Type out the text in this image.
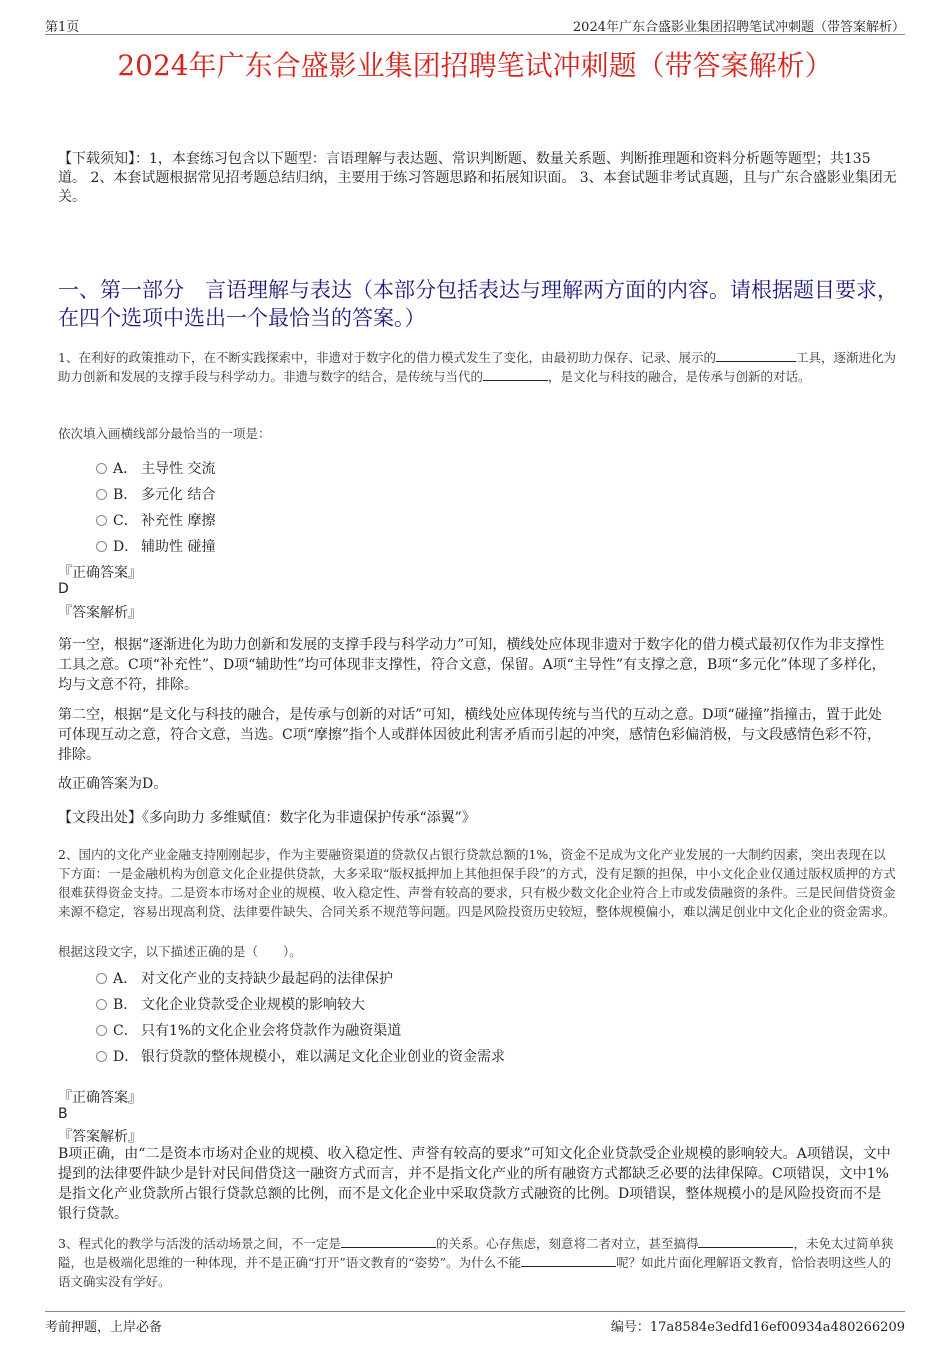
第1页	2024年广东合盛影业集团招聘笔试冲刺题（带答案解析）
2024年广东合盛影业集团招聘笔试冲刺题（带答案解析）
【下载须知】：1，本套练习包含以下题型：言语理解与表达题、常识判断题、数量关系题、判断推理题和资料分析题等题型；共135道。 2、本套试题根据常见招考题总结归纳，主要用于练习答题思路和拓展知识面。 3、本套试题非考试真题，且与广东合盛影业集团无关。
一、第一部分　言语理解与表达（本部分包括表达与理解两方面的内容。请根据题目要求，在四个选项中选出一个最恰当的答案。）
1、在利好的政策推动下，在不断实践探索中，非遗对于数字化的借力模式发生了变化，由最初助力保存、记录、展示的	工具，逐渐进化为助力创新和发展的支撑手段与科学动力。非遗与数字的结合，是传统与当代的	，是文化与科技的融合，是传承与创新的对话。
依次填入画横线部分最恰当的一项是：
A． 主导性 交流
B． 多元化 结合
C． 补充性 摩擦
D． 辅助性 碰撞
『正确答案』
D
『答案解析』
第一空，根据“逐渐进化为助力创新和发展的支撑手段与科学动力”可知，横线处应体现非遗对于数字化的借力模式最初仅作为非支撑性工具之意。C项“补充性”、D项“辅助性”均可体现非支撑性，符合文意，保留。A项“主导性”有支撑之意，B项“多元化”体现了多样化，均与文意不符，排除。
第二空，根据“是文化与科技的融合，是传承与创新的对话”可知，横线处应体现传统与当代的互动之意。D项“碰撞”指撞击，置于此处可体现互动之意，符合文意，当选。C项“摩擦”指个人或群体因彼此利害矛盾而引起的冲突，感情色彩偏消极，与文段感情色彩不符，排除。
故正确答案为D。
【文段出处】《多向助力 多维赋值：数字化为非遗保护传承“添翼”》
2、国内的文化产业金融支持刚刚起步，作为主要融资渠道的贷款仅占银行贷款总额的1%，资金不足成为文化产业发展的一大制约因素，突出表现在以下方面：一是金融机构为创意文化企业提供贷款，大多采取“版权抵押加上其他担保手段”的方式，没有足额的担保，中小文化企业仅通过版权质押的方式很难获得资金支持。二是资本市场对企业的规模、收入稳定性、声誉有较高的要求，只有极少数文化企业符合上市或发债融资的条件。三是民间借贷资金来源不稳定，容易出现高利贷、法律要件缺失、合同关系不规范等问题。四是风险投资历史较短，整体规模偏小，难以满足创业中文化企业的资金需求。
根据这段文字，以下描述正确的是（　　）。
A． 对文化产业的支持缺少最起码的法律保护
B． 文化企业贷款受企业规模的影响较大
C． 只有1%的文化企业会将贷款作为融资渠道
D． 银行贷款的整体规模小，难以满足文化企业创业的资金需求
『正确答案』
B
『答案解析』
B项正确，由“二是资本市场对企业的规模、收入稳定性、声誉有较高的要求”可知文化企业贷款受企业规模的影响较大。A项错误，文中提到的法律要件缺少是针对民间借贷这一融资方式而言，并不是指文化产业的所有融资方式都缺乏必要的法律保障。C项错误，文中1%是指文化产业贷款所占银行贷款总额的比例，而不是文化企业中采取贷款方式融资的比例。D项错误，整体规模小的是风险投资而不是银行贷款。
3、程式化的教学与活泼的活动场景之间，不一定是	的关系。心存焦虑，刻意将二者对立，甚至搞得	，未免太过简单狭隘，也是极端化思维的一种体现，并不是正确“打开”语文教育的“姿势”。为什么不能	呢？如此片面化理解语文教育，恰恰表明这些人的语文确实没有学好。
考前押题，上岸必备	编号：17a8584e3edfd16ef00934a480266209
